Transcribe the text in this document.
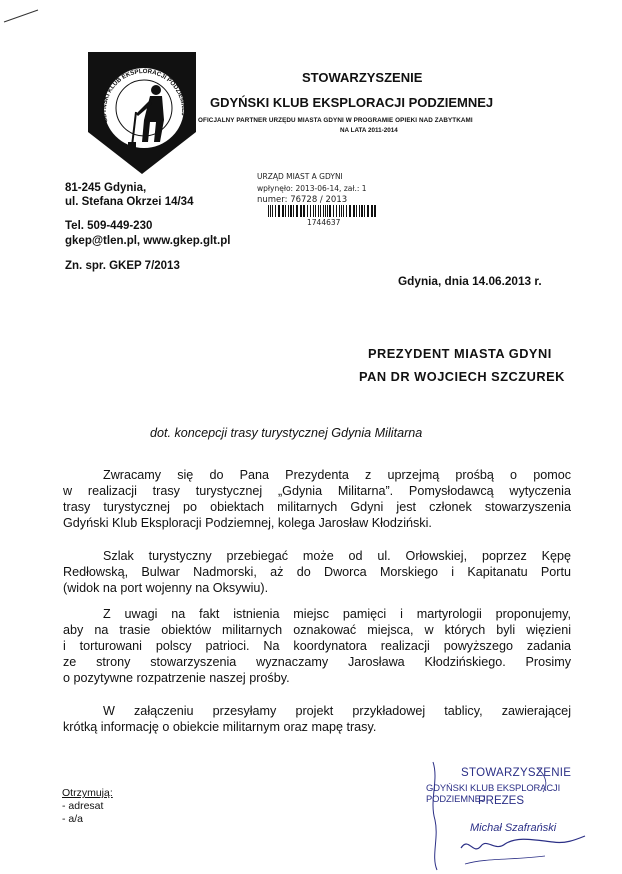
GDYŃSKI KLUB EKSPLORACJI PODZIEMNEJ
STOWARZYSZENIE
GDYŃSKI KLUB EKSPLORACJI PODZIEMNEJ
OFICJALNY PARTNER URZĘDU MIASTA GDYNI W PROGRAMIE OPIEKI NAD ZABYTKAMI
NA LATA 2011-2014
81-245 Gdynia,
ul. Stefana Okrzei 14/34
Tel. 509-449-230
gkep@tlen.pl, www.gkep.glt.pl
Zn. spr. GKEP 7/2013
URZĄD MIAST A GDYNI
wpłynęło: 2013-06-14, zał.: 1
numer: 76728 / 2013
1744637
Gdynia, dnia 14.06.2013 r.
PREZYDENT MIASTA GDYNI
PAN DR WOJCIECH SZCZUREK
dot. koncepcji trasy turystycznej Gdynia Militarna
Zwracamy się do Pana Prezydenta z uprzejmą prośbą o pomoc
w realizacji trasy turystycznej „Gdynia Militarna”. Pomysłodawcą wytyczenia
trasy turystycznej po obiektach militarnych Gdyni jest członek stowarzyszenia
Gdyński Klub Eksploracji Podziemnej, kolega Jarosław Kłodziński.
Szlak turystyczny przebiegać może od ul. Orłowskiej, poprzez Kępę
Redłowską, Bulwar Nadmorski, aż do Dworca Morskiego i Kapitanatu Portu
(widok na port wojenny na Oksywiu).
Z uwagi na fakt istnienia miejsc pamięci i martyrologii proponujemy,
aby na trasie obiektów militarnych oznakować miejsca, w których byli więzieni
i torturowani polscy patrioci. Na koordynatora realizacji powyższego zadania
ze strony stowarzyszenia wyznaczamy Jarosława Kłodzińskiego. Prosimy
o pozytywne rozpatrzenie naszej prośby.
W załączeniu przesyłamy projekt przykładowej tablicy, zawierającej
krótką informację o obiekcie militarnym oraz mapę trasy.
Otrzymują:
- adresat
- a/a
STOWARZYSZENIE
GDYŃSKI KLUB EKSPLORACJI PODZIEMNEJ
PREZES
Michał Szafrański
